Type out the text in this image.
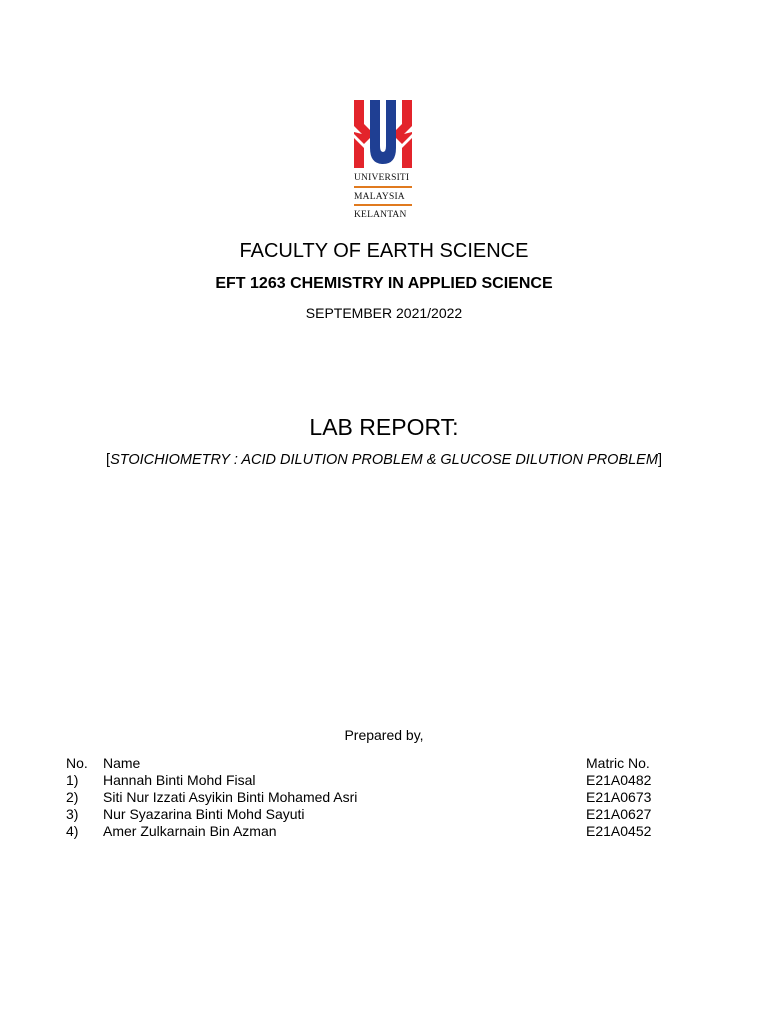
UNIVERSITI
MALAYSIA
KELANTAN
FACULTY OF EARTH SCIENCE
EFT 1263 CHEMISTRY IN APPLIED SCIENCE
SEPTEMBER 2021/2022
LAB REPORT:
[STOICHIOMETRY : ACID DILUTION PROBLEM & GLUCOSE DILUTION PROBLEM]
Prepared by,
No. Name	Matric No.
1) Hannah Binti Mohd Fisal	E21A0482
2) Siti Nur Izzati Asyikin Binti Mohamed Asri	E21A0673
3) Nur Syazarina Binti Mohd Sayuti	E21A0627
4) Amer Zulkarnain Bin Azman	E21A0452
